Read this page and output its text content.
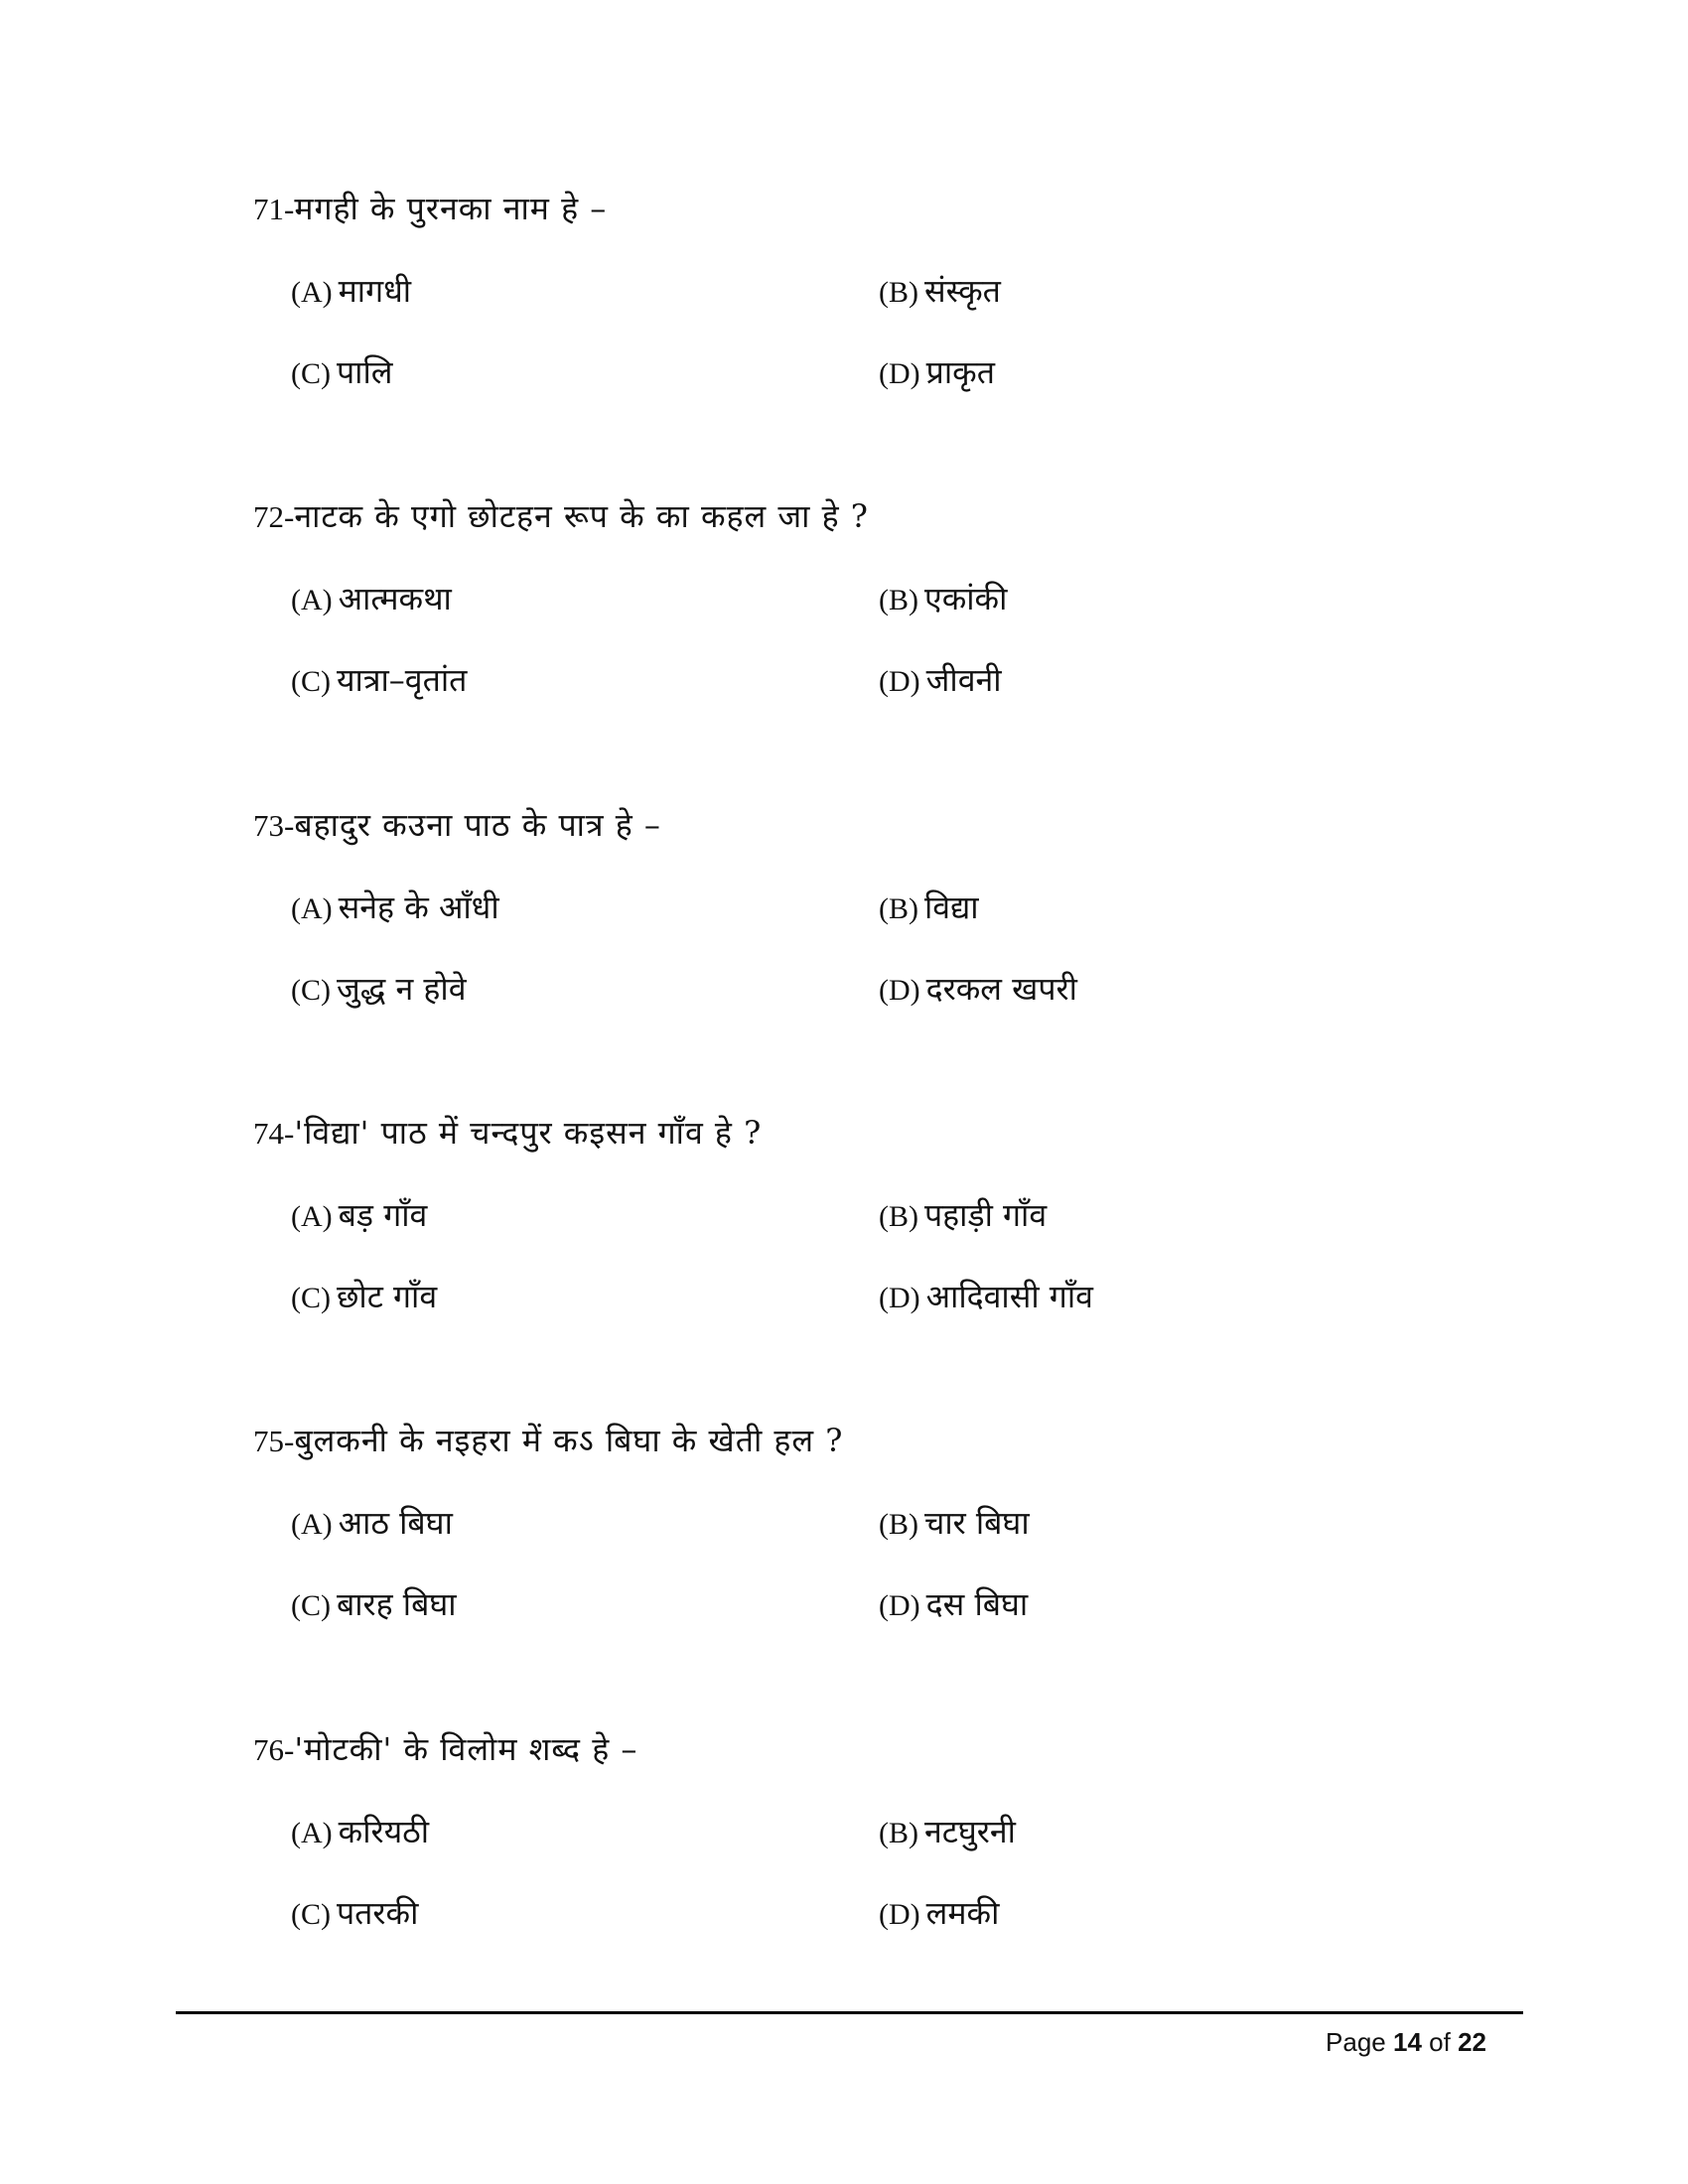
71-मगही के पुरनका नाम हे –
(A) मागधी	(B) संस्कृत
(C) पालि	(D) प्राकृत
72-नाटक के एगो छोटहन रूप के का कहल जा हे ?
(A) आत्मकथा	(B) एकांकी
(C) यात्रा–वृतांत	(D) जीवनी
73-बहादुर कउना पाठ के पात्र हे –
(A) सनेह के आँधी	(B) विद्या
(C) जुद्ध न होवे	(D) दरकल खपरी
74-'विद्या' पाठ में चन्दपुर कइसन गाँव हे ?
(A) बड़ गाँव	(B) पहाड़ी गाँव
(C) छोट गाँव	(D) आदिवासी गाँव
75-बुलकनी के नइहरा में कऽ बिघा के खेती हल ?
(A) आठ बिघा	(B) चार बिघा
(C) बारह बिघा	(D) दस बिघा
76-'मोटकी' के विलोम शब्द हे –
(A) करियठी	(B) नटघुरनी
(C) पतरकी	(D) लमकी
Page 14 of 22
